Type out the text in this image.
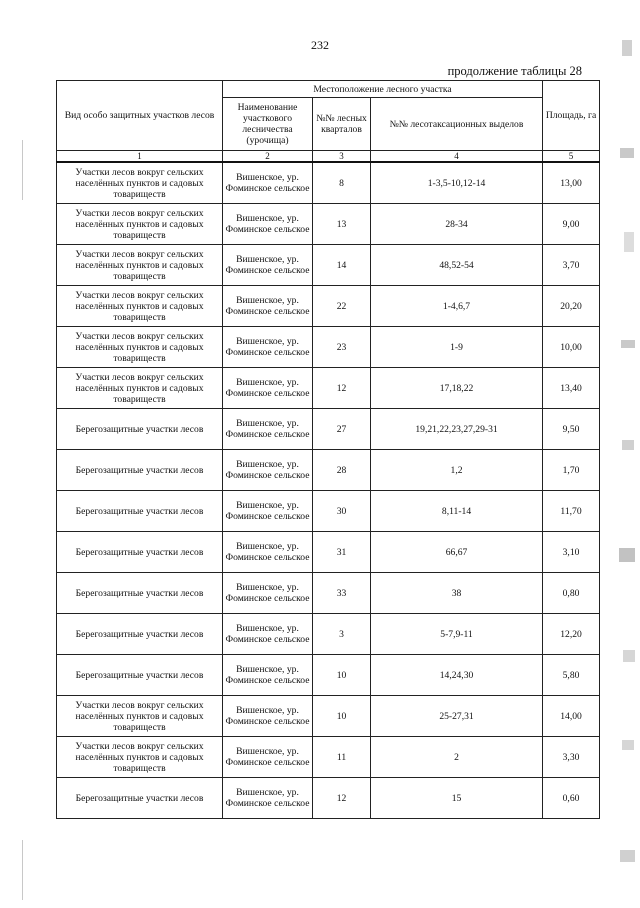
232
продолжение таблицы 28
Вид особо защитных участков лесов	Местоположение лесного участка			Площадь, га
	Наименование участкового лесничества (урочища)	№№ лесных кварталов	№№ лесотаксационных выделов	
1	2	3	4	5
Участки лесов вокруг сельских населённых пунктов и садовых товариществ	Вишенское, ур. Фоминское сельское	8	1-3,5-10,12-14	13,00
Участки лесов вокруг сельских населённых пунктов и садовых товариществ	Вишенское, ур. Фоминское сельское	13	28-34	9,00
Участки лесов вокруг сельских населённых пунктов и садовых товариществ	Вишенское, ур. Фоминское сельское	14	48,52-54	3,70
Участки лесов вокруг сельских населённых пунктов и садовых товариществ	Вишенское, ур. Фоминское сельское	22	1-4,6,7	20,20
Участки лесов вокруг сельских населённых пунктов и садовых товариществ	Вишенское, ур. Фоминское сельское	23	1-9	10,00
Участки лесов вокруг сельских населённых пунктов и садовых товариществ	Вишенское, ур. Фоминское сельское	12	17,18,22	13,40
Берегозащитные участки лесов	Вишенское, ур. Фоминское сельское	27	19,21,22,23,27,29-31	9,50
Берегозащитные участки лесов	Вишенское, ур. Фоминское сельское	28	1,2	1,70
Берегозащитные участки лесов	Вишенское, ур. Фоминское сельское	30	8,11-14	11,70
Берегозащитные участки лесов	Вишенское, ур. Фоминское сельское	31	66,67	3,10
Берегозащитные участки лесов	Вишенское, ур. Фоминское сельское	33	38	0,80
Берегозащитные участки лесов	Вишенское, ур. Фоминское сельское	3	5-7,9-11	12,20
Берегозащитные участки лесов	Вишенское, ур. Фоминское сельское	10	14,24,30	5,80
Участки лесов вокруг сельских населённых пунктов и садовых товариществ	Вишенское, ур. Фоминское сельское	10	25-27,31	14,00
Участки лесов вокруг сельских населённых пунктов и садовых товариществ	Вишенское, ур. Фоминское сельское	11	2	3,30
Берегозащитные участки лесов	Вишенское, ур. Фоминское сельское	12	15	0,60
